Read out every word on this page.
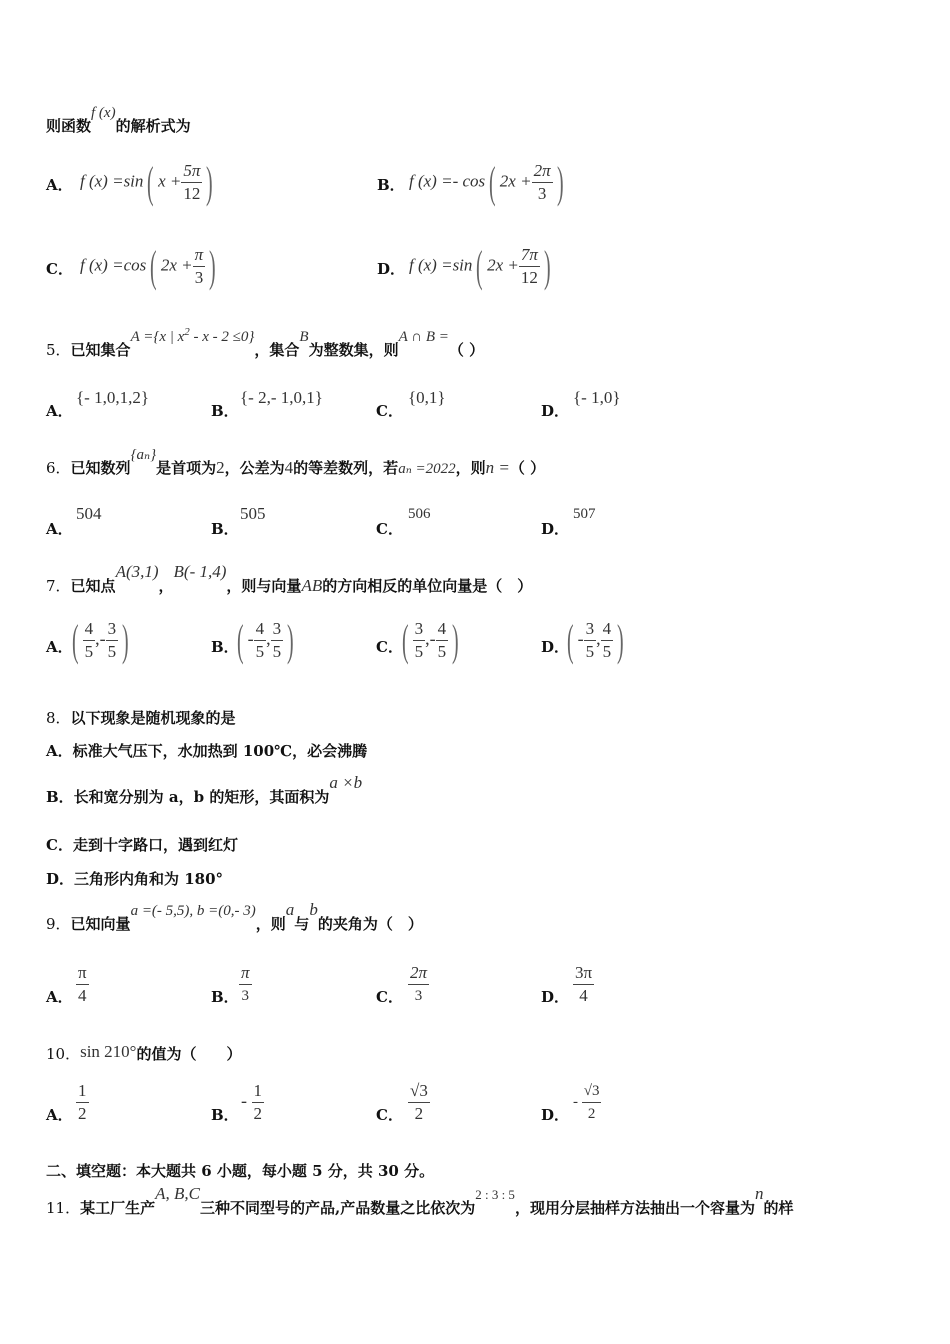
则函数f (x)的解析式为
A． f (x) =sin( $x + \frac{5\pi}{12}$ )	B． f (x) =- cos( $2x + \frac{2\pi}{3}$ )
C． f (x) =cos( $2x + \frac{\pi}{3}$ )	D． f (x) =sin( $2x + \frac{7\pi}{12}$ )
5．已知集合A ={x | $x^2 - x - 2 \le 0$}，集合B为整数集，则A ∩ B =（ ）
A．
{- 1,0,1,2}
B．
{- 2,- 1,0,1}
C．
{0,1}
D．
{- 1,0}
6．已知数列{aₙ}是首项为2，公差为4的等差数列，若aₙ =2022，则n =（ ）
A．
504
B．
505
C．
506
D．
507
7．已知点A(3,1)，B(- 1,4)，则与向量AB的方向相反的单位向量是（　）
A． ( $\frac{4}{5}$ ,- $\frac{3}{5}$ )	B．
( - $\frac{4}{5}$ , $\frac{3}{5}$ )	C． ( $\frac{3}{5}$ ,- $\frac{4}{5}$ )	D．
( - $\frac{3}{5}$ , $\frac{4}{5}$ )
8．以下现象是随机现象的是
A．标准大气压下，水加热到 100℃，必会沸腾
B．长和宽分别为 a，b 的矩形，其面积为a ×b
C．走到十字路口，遇到红灯
D．三角形内角和为 180°
9．已知向量a =(- 5,5), b =(0,- 3)，则a与b的夹角为（　）
A． $\frac{\pi}{4}$	B． $\frac{\pi}{3}$	C． $\frac{2\pi}{3}$	D． $\frac{3\pi}{4}$
10．sin 210°的值为（　　）
A． $\frac{1}{2}$	B．
- $\frac{1}{2}$	C． $\frac{√3}{2}$	D．
- $\frac{√3}{2}$
二、填空题：本大题共 6 小题，每小题 5 分，共 30 分。
11．某工厂生产A, B,C三种不同型号的产品,产品数量之比依次为2 : 3 : 5，现用分层抽样方法抽出一个容量为n的样
